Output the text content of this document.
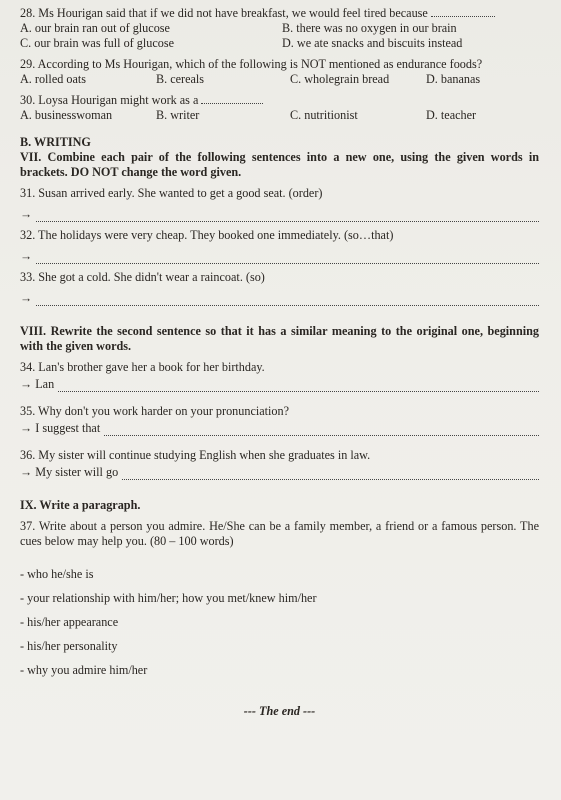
28. Ms Hourigan said that if we did not have breakfast, we would feel tired because

A. our brain ran out of glucose	B. there was no oxygen in our brain
C. our brain was full of glucose	D. we ate snacks and biscuits instead

29. According to Ms Hourigan, which of the following is NOT mentioned as endurance foods?

A. rolled oats	B. cereals	C. wholegrain bread	D. bananas

30. Loysa Hourigan might work as a

A. businesswoman	B. writer	C. nutritionist	D. teacher

B. WRITING

VII. Combine each pair of the following sentences into a new one, using the given words in brackets. DO NOT change the word given.

31. Susan arrived early. She wanted to get a good seat. (order)

→

32. The holidays were very cheap. They booked one immediately. (so…that)

→

33. She got a cold. She didn't wear a raincoat. (so)

→

VIII. Rewrite the second sentence so that it has a similar meaning to the original one, beginning with the given words.

34. Lan's brother gave her a book for her birthday.

→ Lan

35. Why don't you work harder on your pronunciation?

→ I suggest that

36. My sister will continue studying English when she graduates in law.

→ My sister will go

IX. Write a paragraph.

37. Write about a person you admire. He/She can be a family member, a friend or a famous person. The cues below may help you. (80 – 100 words)

- who he/she is

- your relationship with him/her; how you met/knew him/her

- his/her appearance

- his/her personality

- why you admire him/her

--- The end ---
